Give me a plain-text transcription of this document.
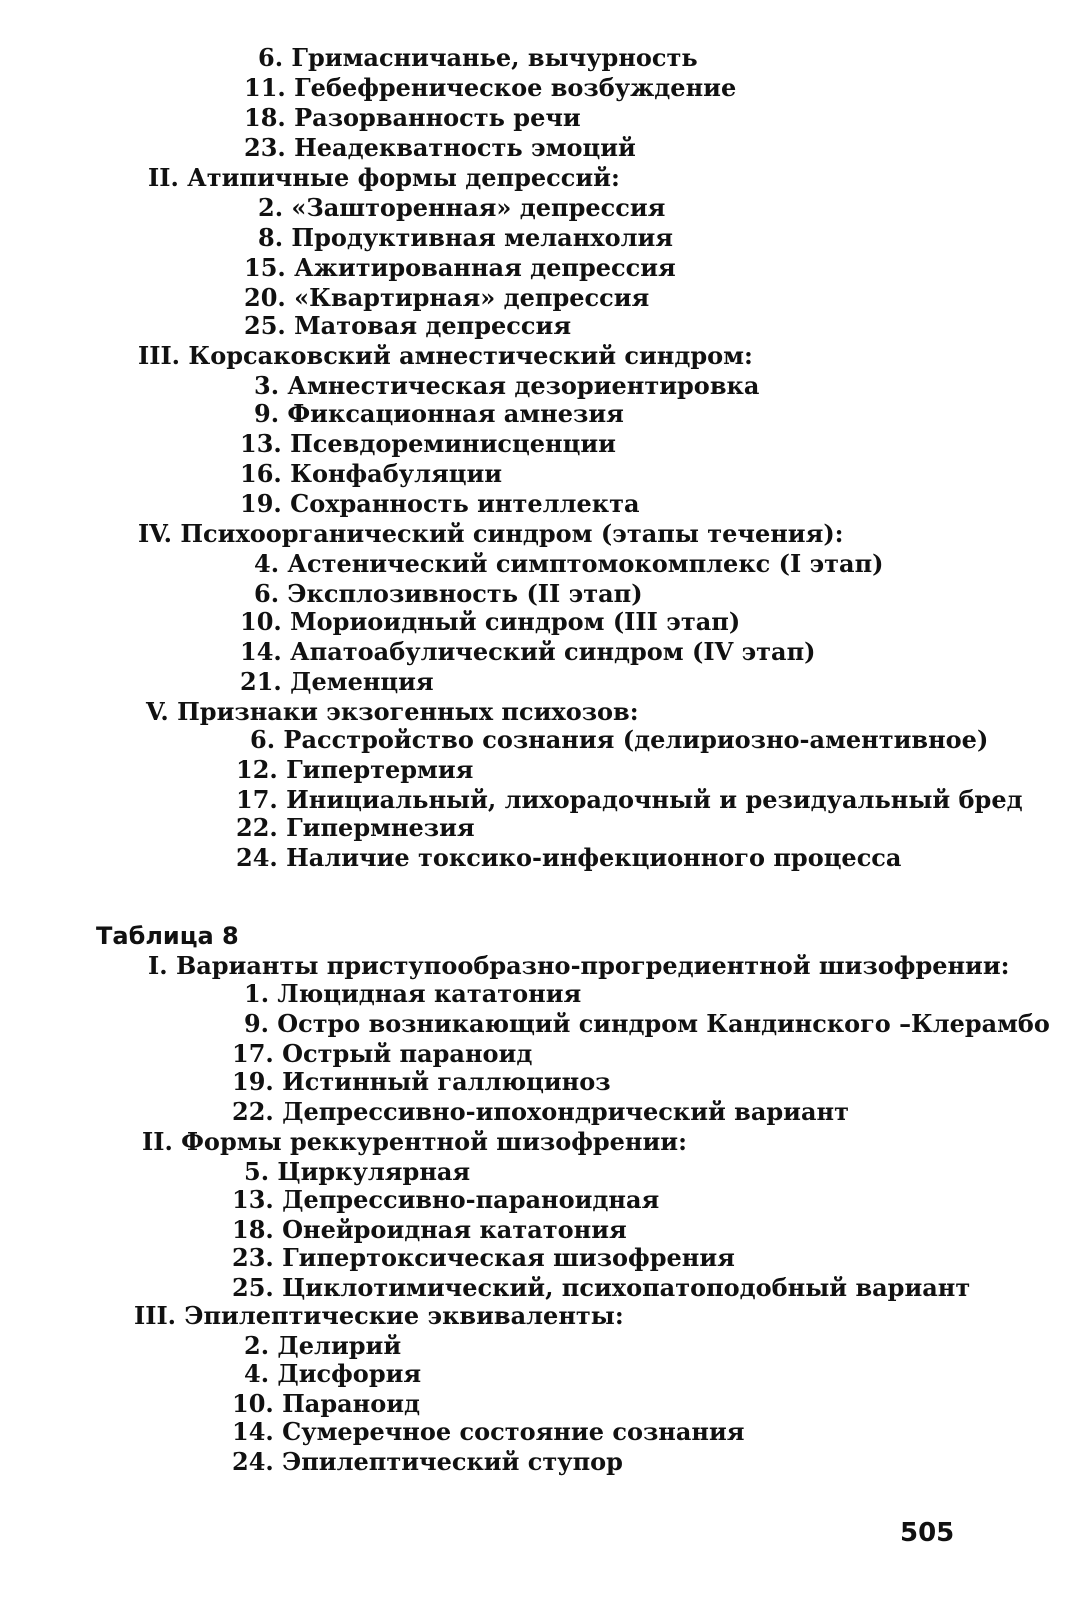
6. Гримасничанье, вычурность
11. Гебефреническое возбуждение
18. Разорванность речи
23. Неадекватность эмоций
II. Атипичные формы депрессий:
2. «Зашторенная» депрессия
8. Продуктивная меланхолия
15. Ажитированная депрессия
20. «Квартирная» депрессия
25. Матовая депрессия
III. Корсаковский амнестический синдром:
3. Амнестическая дезориентировка
9. Фиксационная амнезия
13. Псевдореминисценции
16. Конфабуляции
19. Сохранность интеллекта
IV. Психоорганический синдром (этапы течения):
4. Астенический симптомокомплекс (I этап)
6. Эксплозивность (II этап)
10. Мориоидный синдром (III этап)
14. Апатоабулический синдром (IV этап)
21. Деменция
V. Признаки экзогенных психозов:
6. Расстройство сознания (делириозно-аментивное)
12. Гипертермия
17. Инициальный, лихорадочный и резидуальный бред
22. Гипермнезия
24. Наличие токсико-инфекционного процесса
Таблица 8
I. Варианты приступообразно-прогредиентной шизофрении:
1. Люцидная кататония
9. Остро возникающий синдром Кандинского –Клерамбо
17. Острый параноид
19. Истинный галлюциноз
22. Депрессивно-ипохондрический вариант
II. Формы реккурентной шизофрении:
5. Циркулярная
13. Депрессивно-параноидная
18. Онейроидная кататония
23. Гипертоксическая шизофрения
25. Циклотимический, психопатоподобный вариант
III. Эпилептические эквиваленты:
2. Делирий
4. Дисфория
10. Параноид
14. Сумеречное состояние сознания
24. Эпилептический ступор
505
